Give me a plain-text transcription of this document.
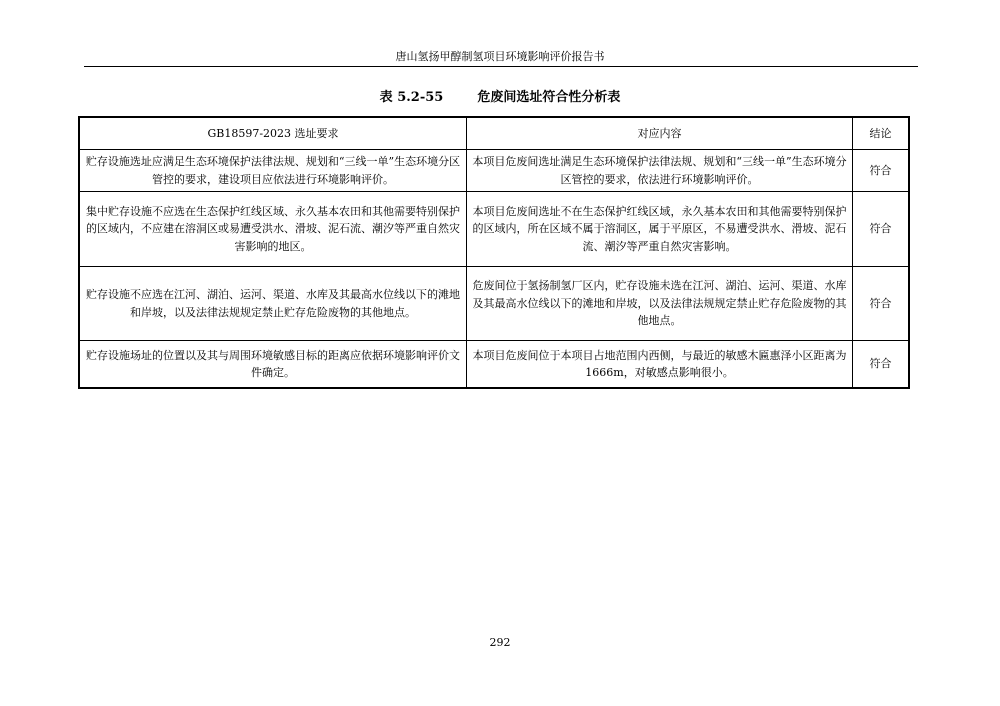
唐山氢扬甲醇制氢项目环境影响评价报告书
表 5.2-55	危废间选址符合性分析表
GB18597-2023 选址要求	对应内容	结论
贮存设施选址应满足生态环境保护法律法规、规划和“三线一单”生态环境分区管控的要求，建设项目应依法进行环境影响评价。	本项目危废间选址满足生态环境保护法律法规、规划和“三线一单”生态环境分区管控的要求，依法进行环境影响评价。	符合
集中贮存设施不应选在生态保护红线区域、永久基本农田和其他需要特别保护的区域内，不应建在溶洞区或易遭受洪水、滑坡、泥石流、潮汐等严重自然灾害影响的地区。	本项目危废间选址不在生态保护红线区域，永久基本农田和其他需要特别保护的区域内，所在区域不属于溶洞区，属于平原区，不易遭受洪水、滑坡、泥石流、潮汐等严重自然灾害影响。	符合
贮存设施不应选在江河、湖泊、运河、渠道、水库及其最高水位线以下的滩地和岸坡，以及法律法规规定禁止贮存危险废物的其他地点。	危废间位于氢扬制氢厂区内，贮存设施未选在江河、湖泊、运河、渠道、水库及其最高水位线以下的滩地和岸坡，以及法律法规规定禁止贮存危险废物的其他地点。	符合
贮存设施场址的位置以及其与周围环境敏感目标的距离应依据环境影响评价文件确定。	本项目危废间位于本项目占地范围内西侧，与最近的敏感木匾惠泽小区距离为1666m，对敏感点影响很小。	符合
292
